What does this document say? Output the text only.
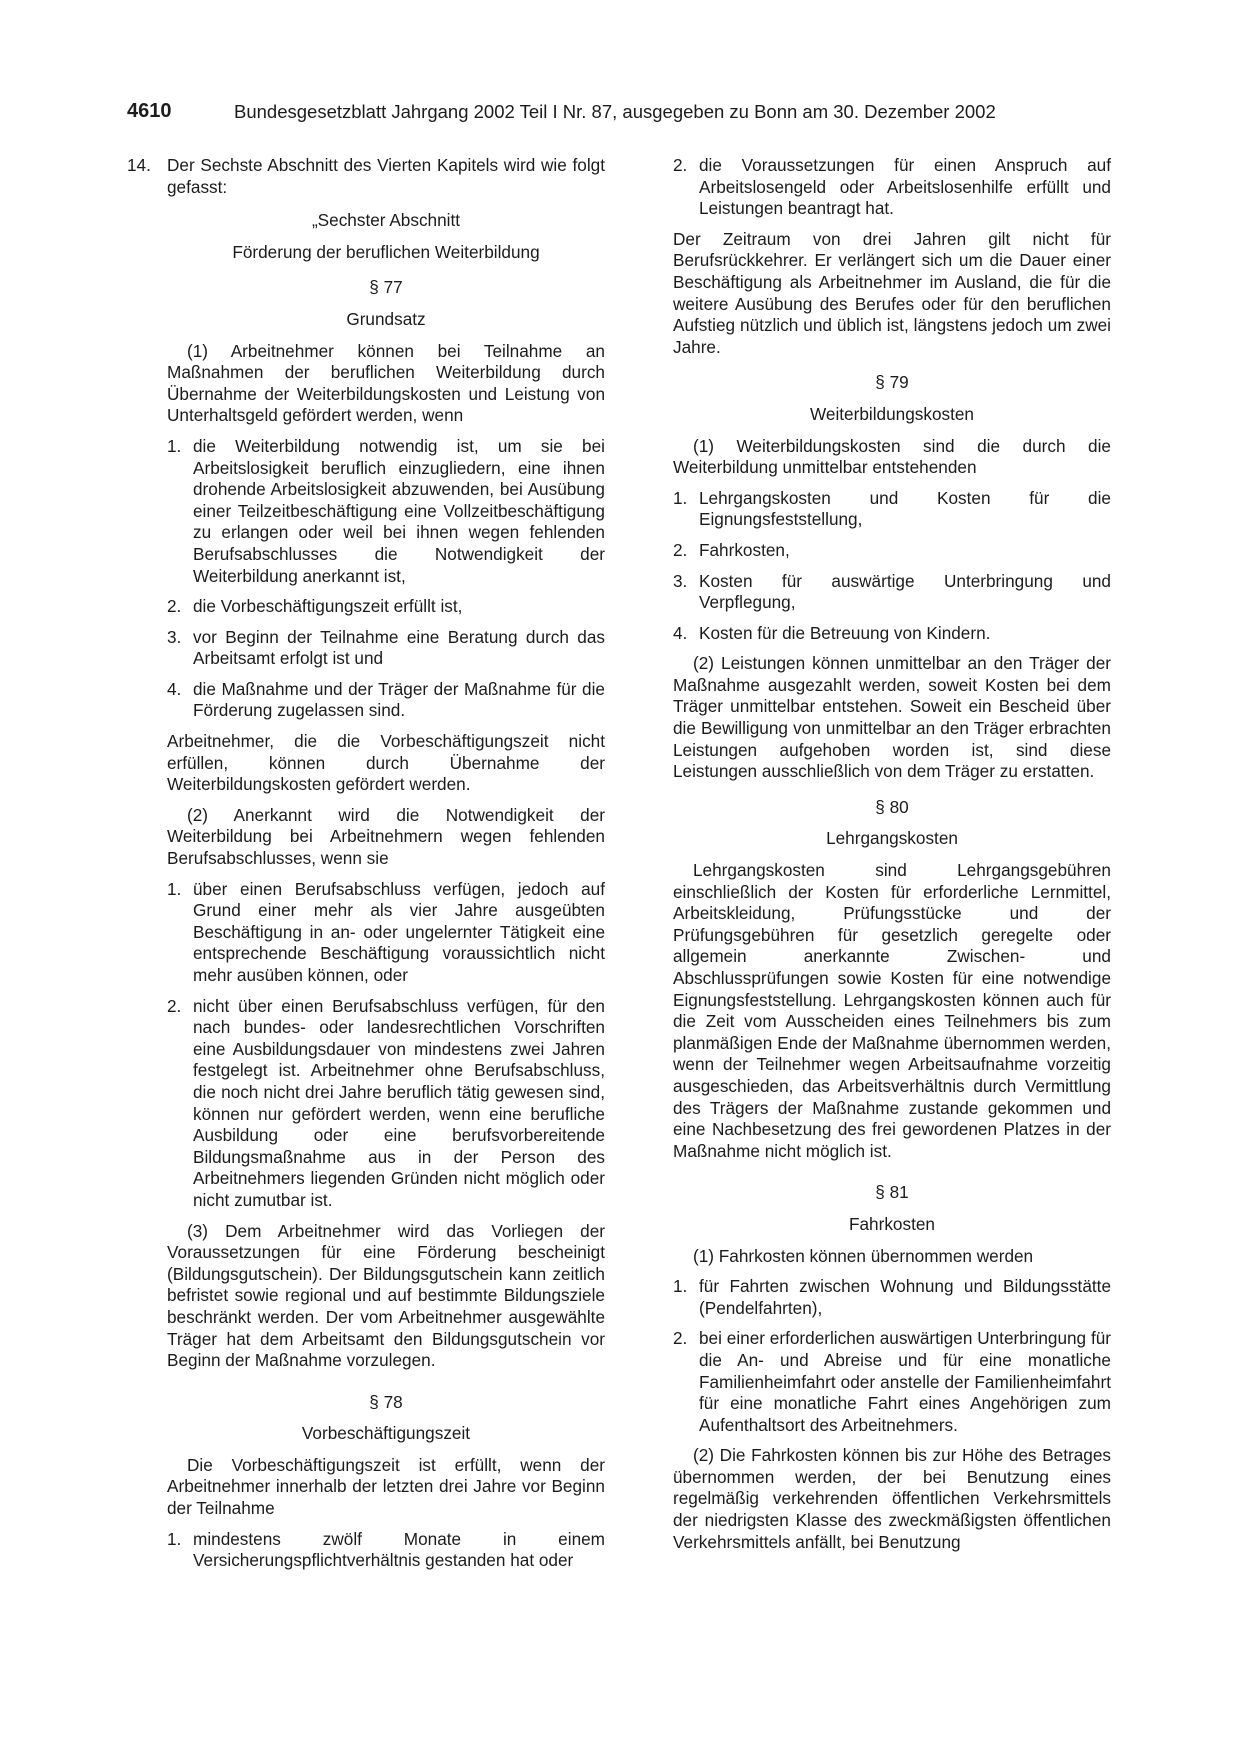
4610	Bundesgesetzblatt Jahrgang 2002 Teil I Nr. 87, ausgegeben zu Bonn am 30. Dezember 2002
14. Der Sechste Abschnitt des Vierten Kapitels wird wie folgt gefasst:
„Sechster Abschnitt
Förderung der beruflichen Weiterbildung
§ 77
Grundsatz

(1) Arbeitnehmer können bei Teilnahme an Maßnahmen der beruflichen Weiterbildung durch Übernahme der Weiterbildungskosten und Leistung von Unterhaltsgeld gefördert werden, wenn

1. die Weiterbildung notwendig ist, um sie bei Arbeitslosigkeit beruflich einzugliedern, eine ihnen drohende Arbeitslosigkeit abzuwenden, bei Ausübung einer Teilzeitbeschäftigung eine Vollzeitbeschäftigung zu erlangen oder weil bei ihnen wegen fehlenden Berufsabschlusses die Notwendigkeit der Weiterbildung anerkannt ist,
2. die Vorbeschäftigungszeit erfüllt ist,
3. vor Beginn der Teilnahme eine Beratung durch das Arbeitsamt erfolgt ist und
4. die Maßnahme und der Träger der Maßnahme für die Förderung zugelassen sind.

Arbeitnehmer, die die Vorbeschäftigungszeit nicht erfüllen, können durch Übernahme der Weiterbildungskosten gefördert werden.

(2) Anerkannt wird die Notwendigkeit der Weiterbildung bei Arbeitnehmern wegen fehlenden Berufsabschlusses, wenn sie

1. über einen Berufsabschluss verfügen, jedoch auf Grund einer mehr als vier Jahre ausgeübten Beschäftigung in an- oder ungelernter Tätigkeit eine entsprechende Beschäftigung voraussichtlich nicht mehr ausüben können, oder
2. nicht über einen Berufsabschluss verfügen, für den nach bundes- oder landesrechtlichen Vorschriften eine Ausbildungsdauer von mindestens zwei Jahren festgelegt ist. Arbeitnehmer ohne Berufsabschluss, die noch nicht drei Jahre beruflich tätig gewesen sind, können nur gefördert werden, wenn eine berufliche Ausbildung oder eine berufsvorbereitende Bildungsmaßnahme aus in der Person des Arbeitnehmers liegenden Gründen nicht möglich oder nicht zumutbar ist.

(3) Dem Arbeitnehmer wird das Vorliegen der Voraussetzungen für eine Förderung bescheinigt (Bildungsgutschein). Der Bildungsgutschein kann zeitlich befristet sowie regional und auf bestimmte Bildungsziele beschränkt werden. Der vom Arbeitnehmer ausgewählte Träger hat dem Arbeitsamt den Bildungsgutschein vor Beginn der Maßnahme vorzulegen.

§ 78
Vorbeschäftigungszeit

Die Vorbeschäftigungszeit ist erfüllt, wenn der Arbeitnehmer innerhalb der letzten drei Jahre vor Beginn der Teilnahme

1. mindestens zwölf Monate in einem Versicherungspflichtverhältnis gestanden hat oder
2. die Voraussetzungen für einen Anspruch auf Arbeitslosengeld oder Arbeitslosenhilfe erfüllt und Leistungen beantragt hat.

Der Zeitraum von drei Jahren gilt nicht für Berufsrückkehrer. Er verlängert sich um die Dauer einer Beschäftigung als Arbeitnehmer im Ausland, die für die weitere Ausübung des Berufes oder für den beruflichen Aufstieg nützlich und üblich ist, längstens jedoch um zwei Jahre.

§ 79
Weiterbildungskosten

(1) Weiterbildungskosten sind die durch die Weiterbildung unmittelbar entstehenden

1. Lehrgangskosten und Kosten für die Eignungsfeststellung,
2. Fahrkosten,
3. Kosten für auswärtige Unterbringung und Verpflegung,
4. Kosten für die Betreuung von Kindern.

(2) Leistungen können unmittelbar an den Träger der Maßnahme ausgezahlt werden, soweit Kosten bei dem Träger unmittelbar entstehen. Soweit ein Bescheid über die Bewilligung von unmittelbar an den Träger erbrachten Leistungen aufgehoben worden ist, sind diese Leistungen ausschließlich von dem Träger zu erstatten.

§ 80
Lehrgangskosten

Lehrgangskosten sind Lehrgangsgebühren einschließlich der Kosten für erforderliche Lernmittel, Arbeitskleidung, Prüfungsstücke und der Prüfungsgebühren für gesetzlich geregelte oder allgemein anerkannte Zwischen- und Abschlussprüfungen sowie Kosten für eine notwendige Eignungsfeststellung. Lehrgangskosten können auch für die Zeit vom Ausscheiden eines Teilnehmers bis zum planmäßigen Ende der Maßnahme übernommen werden, wenn der Teilnehmer wegen Arbeitsaufnahme vorzeitig ausgeschieden, das Arbeitsverhältnis durch Vermittlung des Trägers der Maßnahme zustande gekommen und eine Nachbesetzung des frei gewordenen Platzes in der Maßnahme nicht möglich ist.

§ 81
Fahrkosten

(1) Fahrkosten können übernommen werden

1. für Fahrten zwischen Wohnung und Bildungsstätte (Pendelfahrten),
2. bei einer erforderlichen auswärtigen Unterbringung für die An- und Abreise und für eine monatliche Familienheimfahrt oder anstelle der Familienheimfahrt für eine monatliche Fahrt eines Angehörigen zum Aufenthaltsort des Arbeitnehmers.

(2) Die Fahrkosten können bis zur Höhe des Betrages übernommen werden, der bei Benutzung eines regelmäßig verkehrenden öffentlichen Verkehrsmittels der niedrigsten Klasse des zweckmäßigsten öffentlichen Verkehrsmittels anfällt, bei Benutzung
